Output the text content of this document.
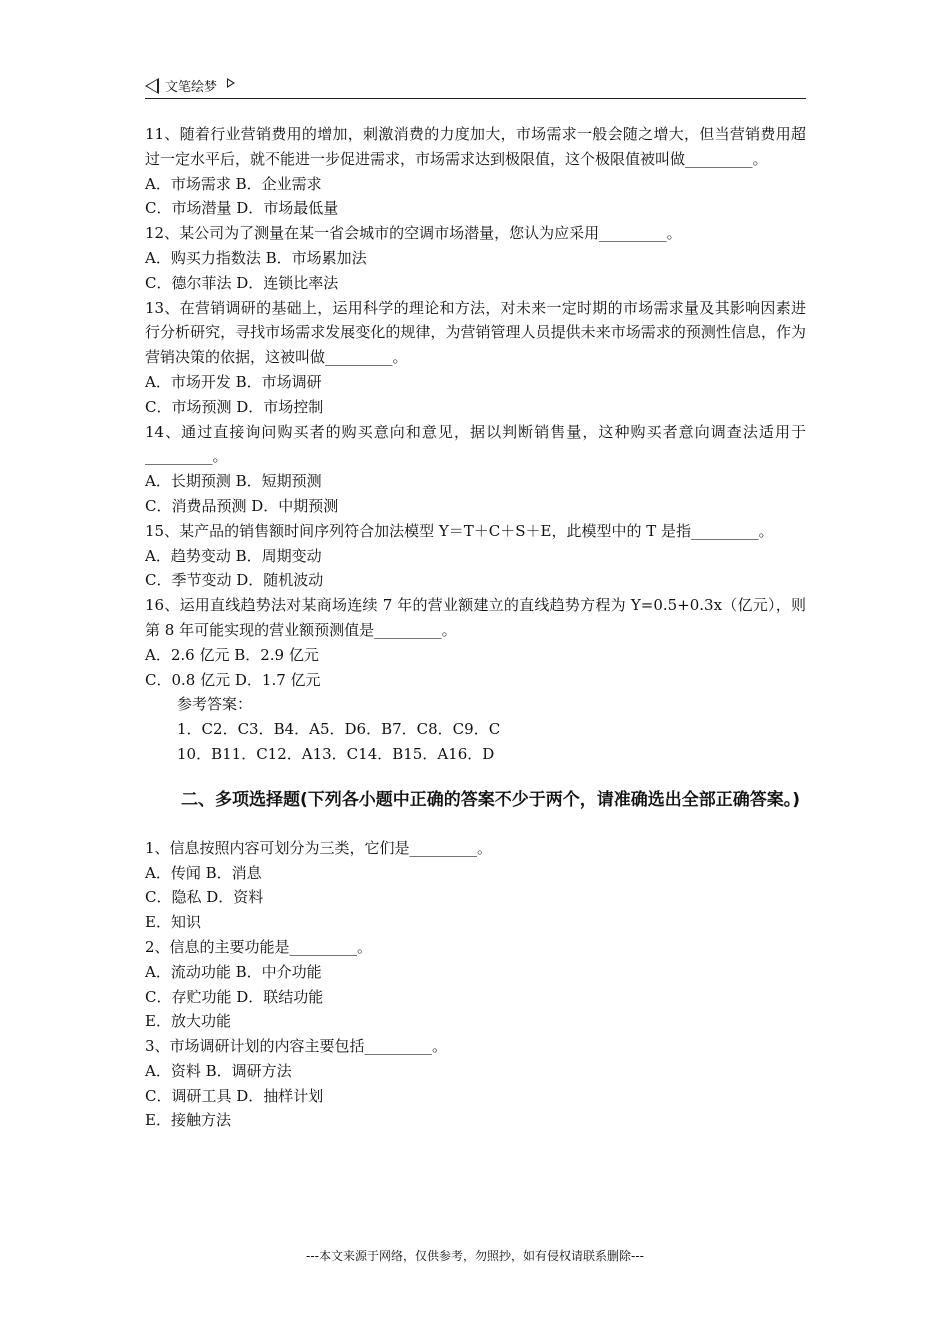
文笔绘梦
11、随着行业营销费用的增加，刺激消费的力度加大，市场需求一般会随之增大，但当营销费用超过一定水平后，就不能进一步促进需求，市场需求达到极限值，这个极限值被叫做_________。
A．市场需求 B．企业需求
C．市场潜量 D．市场最低量
12、某公司为了测量在某一省会城市的空调市场潜量，您认为应采用_________。
A．购买力指数法 B．市场累加法
C．德尔菲法 D．连锁比率法
13、在营销调研的基础上，运用科学的理论和方法，对未来一定时期的市场需求量及其影响因素进行分析研究，寻找市场需求发展变化的规律，为营销管理人员提供未来市场需求的预测性信息，作为营销决策的依据，这被叫做_________。
A．市场开发 B．市场调研
C．市场预测 D．市场控制
14、通过直接询问购买者的购买意向和意见，据以判断销售量，这种购买者意向调查法适用于_________。
A．长期预测 B．短期预测
C．消费品预测 D．中期预测
15、某产品的销售额时间序列符合加法模型 Y＝T＋C＋S＋E，此模型中的 T 是指_________。
A．趋势变动 B．周期变动
C．季节变动 D．随机波动
16、运用直线趋势法对某商场连续 7 年的营业额建立的直线趋势方程为 Y=0.5+0.3x（亿元），则第 8 年可能实现的营业额预测值是_________。
A．2.6 亿元 B．2.9 亿元
C．0.8 亿元 D．1.7 亿元
参考答案：
1．C2．C3．B4．A5．D6．B7．C8．C9．C
10．B11．C12．A13．C14．B15．A16．D
二、多项选择题(下列各小题中正确的答案不少于两个，请准确选出全部正确答案。)
1、信息按照内容可划分为三类，它们是_________。
A．传闻 B．消息
C．隐私 D．资料
E．知识
2、信息的主要功能是_________。
A．流动功能 B．中介功能
C．存贮功能 D．联结功能
E．放大功能
3、市场调研计划的内容主要包括_________。
A．资料 B．调研方法
C．调研工具 D．抽样计划
E．接触方法
---本文来源于网络，仅供参考，勿照抄，如有侵权请联系删除---
